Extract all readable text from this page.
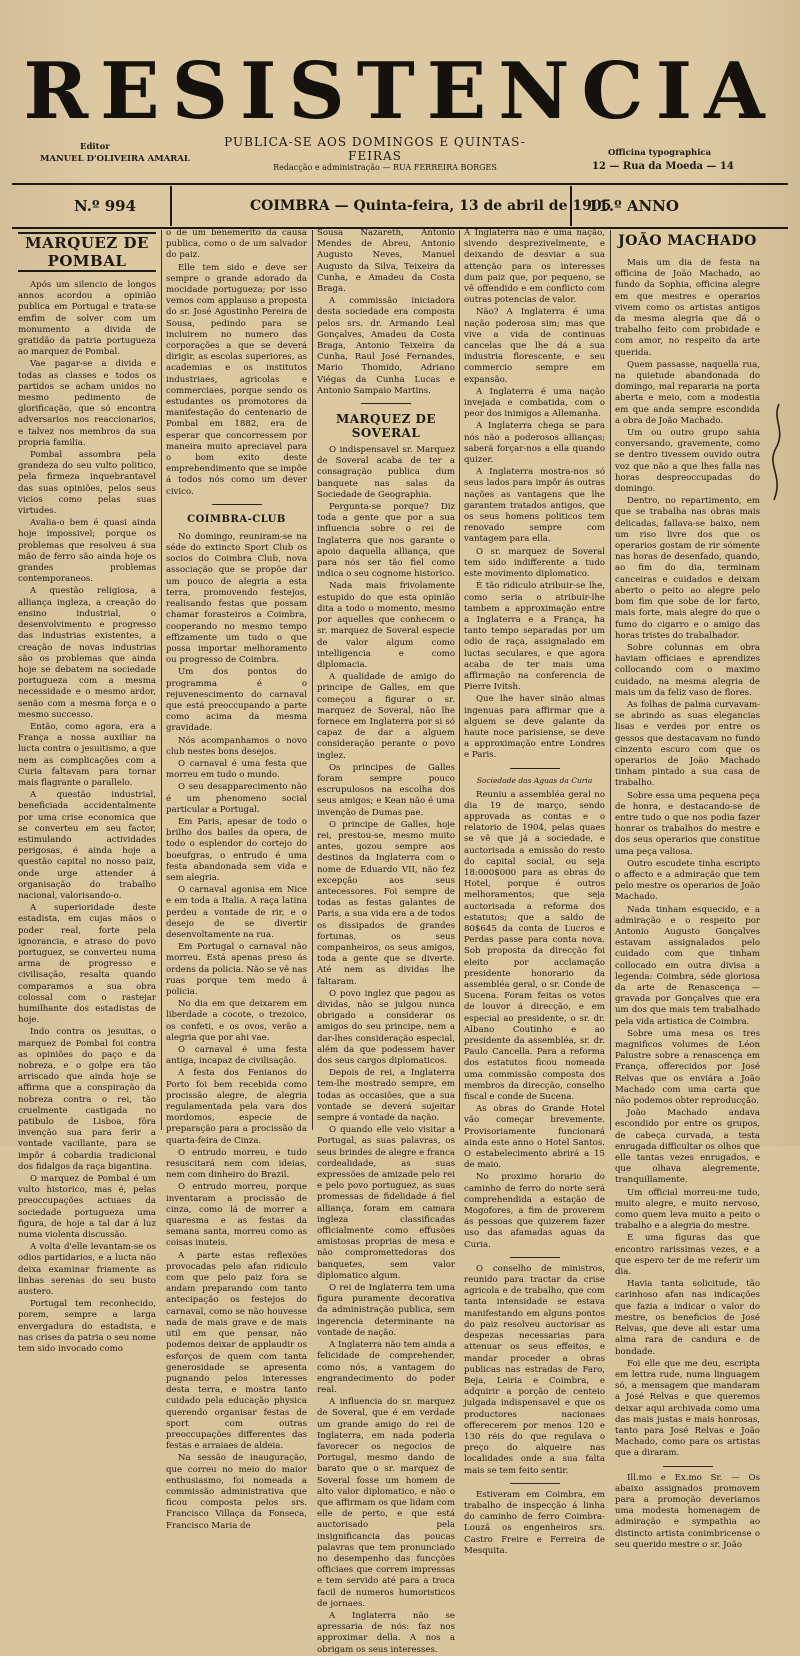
RESISTENCIA
Editor
MANUEL D'OLIVEIRA AMARAL
PUBLICA-SE AOS DOMINGOS E QUINTAS-FEIRAS
Redacção e administração — RUA FERREIRA BORGES
Officina typographica
12 — Rua da Moeda — 14
N.º 994	COIMBRA — Quinta-feira, 13 de abril de 1905
11.º ANNO
MARQUEZ DE POMBAL

Após um silencio de longos annos acordou a opinião publica em Portugal e trata-se emfim de solver com um monumento a divida de gratidão da patria portugueza ao marquez de Pombal.

Vae pagar-se a divida e todas as classes e todos os partidos se acham unidos no mesmo pedimento de glorificação, que só encontra adversarios nos reaccionarios, e talvez nos membros da sua propria familia.

Pombal assombra pela grandeza do seu vulto politico, pela firmeza inquebrantavel das suas opiniões, pelos seus vicios como pelas suas virtudes.

Avalia-o bem é quasi ainda hoje impossivel; porque os problemas que resolveu á sua mão de ferro são ainda hoje os grandes problemas contemporaneos.

A questão religiosa, a alliança ingleza, a creação do ensino industrial, o desenvolvimento e progresso das industrias existentes, a creação de novas industrias são os problemas que ainda hoje se debatem na sociedade portugueza com a mesma necessidade e o mesmo ardor, senão com a mesma força e o mesmo successo.

Então, como agora, era a França a nossa auxiliar na lucta contra o jesuitismo, a que nem as complicações com a Curia faltavam para tornar mais flagrante o parallelo.

A questão industrial, beneficiada accidentalmente por uma crise economica que se converteu em seu factor, estimulando actividades perigosas, é ainda hoje a questão capital no nosso paiz, onde urge attender á organisação do trabalho nacional, valorisando-o.

A superioridade deste estadista, em cujas mãos o poder real, forte pela ignorancia, e atraso do povo portuguez, se converteu numa arma de progresso e civilisação, resalta quando comparamos a sua obra colossal com o rastejar humilhante dos estadistas de hoje.

Indo contra os jesuitas, o marquez de Pombal foi contra as opiniões do paço e da nobreza, e o golpe era tão arriscado que ainda hoje se affirma que a conspiração da nobreza contra o rei, tão cruelmente castigada no patibulo de Lisboa, fôra invenção sua para ferir a vontade vacillante, para se impôr á cobardia tradicional dos fidalgos da raça bigantina.

O marquez de Pombal é um vulto historico, mas é, pelas preoccupações actuaes da sociedade portugueza uma figura, de hoje a tal dar á luz numa violenta discussão.

A volta d'elle levantam-se os odios partidarios, e a lucta não deixa examinar friamente as linhas serenas do seu busto austero.

Portugal tem reconhecido, porem, sempre a larga envergadura do estadista, e nas crises da patria o seu nome tem sido invocado como

o de um benemerito da causa publica, como o de um salvador do paiz.

Elle tem sido e deve ser sempre o grande adorado da mocidade portugueza; por isso vemos com applauso a proposta do sr. José Agostinho Pereira de Sousa, pedindo para se incluirem no numero das corporações a que se deverá dirigir, as escolas superiores, as academias e os institutos industriaes, agricolas e commerciaes, porque sendo os estudantes os promotores da manifestação do centenario de Pombal em 1882, era de esperar que concorressem por maneira muito apreciavel para o bom exito deste emprehendimento que se impõe á todos nós como um dever civico.

COIMBRA-CLUB

No domingo, reuniram-se na séde do extincto Sport Club os socios do Coimbra Club, nova associação que se propõe dar um pouco de alegria a esta terra, promovendo festejos, realisando festas que possam chamar forasteiros a Coimbra, cooperando no mesmo tempo effizamente um tudo o que possa importar melhoramento ou progresso de Coimbra.

Um dos pontos do programma é o rejuvenescimento do carnaval que está preoccupando a parte como acima da mesma gravidade.

Nós acompanhamos o novo club nestes bons desejos.

O carnaval é uma festa que morreu em tudo o mundo.

O seu desapparecimento não é um phenomeno social particular a Portugal.

Em Paris, apesar de todo o brilho dos bailes da opera, de todo o esplendor do cortejo do boeufgras, o entrudo é uma festa abandonada sem vida e sem alegria.

O carnaval agonisa em Nice e em toda a Italia. A raça latina perdeu a vontade de rir, e o desejo de se divertir desenvoltamente na rua.

Em Portugal o carnaval não morreu. Está apenas preso ás ordens da policia. Não se vê nas ruas porque tem medo á policia.

No dia em que deixarem em liberdade a cocote, o trezoico, os confeti, e os ovos, verão a alegria que por ahi vae.

O carnaval é uma festa antiga, incapaz de civilisação.

A festa dos Fenianos do Porto foi bem recebida como procissão alegre, de alegria regulamentada pela vara dos mordomos, especie de preparação para a procissão da quarta-feira de Cinza.

O entrudo morreu, e tudo resuscitará nem com ideias, nem com dinheiro do Brazil.

O entrudo morreu, porque inventaram a procissão de cinza, como lá de morrer a quaresma e as festas da semana santa, morreu como as coisas inuteis.

A parte estas reflexões provocadas pelo afan ridiculo com que pelo paiz fora se andam preparando com tanto antecipação os festejos do carnaval, como se não houvesse nada de mais grave e de mais util em que pensar, não podemos deixar de applaudir os esforços de quem com tanta generosidade se apresenta pugnando pelos interesses desta terra, e mostra tanto cuidado pela educação physica querendo organisar festas de sport com outras preoccupações differentes das festas e arraiaes de aldeia.

Na sessão de inauguração, que correu no meio do maior enthusiasmo, foi nomeada a commissão administrativa que ficou composta pelos srs. Francisco Villaça da Fonseca, Francisco Maria de

Sousa Nazareth, Antonio Mendes de Abreu, Antonio Augusto Neves, Manuel Augusto da Silva, Teixeira da Cunha, e Amadeu da Costa Braga.

A commissão iniciadora desta sociedade era composta pelos srs. dr. Armando Leal Gonçalves, Amadeu da Costa Braga, Antonio Teixeira da Cunha, Raul José Fernandes, Mario Thomido, Adriano Viégas da Cunha Lucas e Antonio Sampaio Martins.

MARQUEZ DE SOVERAL

O indispensavel sr. Marquez de Soveral acaba de ter a consagração publica dum banquete nas salas da Sociedade de Geographia.

Pergunta-se porque? Diz toda a gente que por a sua influencia sobre o rei de Inglaterra que nos garante o apoio daquella alliança, que para nós ser tão fiel como indica o seu cognome historico.

Nada mais frivolamente estupido do que esta opinião dita a todo o momento, mesmo por aquelles que conhecem o sr. marquez de Soveral especie de valor algum como intelligencia e como diplomacia.

A qualidade de amigo do principe de Galles, em que começou a figurar o sr. marquez de Soveral, não lhe fornece em Inglaterra por si só capaz de dar a alguem consideração perante o povo inglez.

Os principes de Galles foram sempre pouco escrupulosos na escolha dos seus amigos; e Kean não é uma invenção de Dumas pae.

O principe de Galles, hoje rei, prestou-se, mesmo muito antes, gozou sempre aos destinos da Inglaterra com o nome de Eduardo VII, não fez excepção aos seus antecessores. Foi sempre de todas as festas galantes de Paris, a sua vida era a de todos os dissipados de grandes fortunas, os seus companheiros, os seus amigos, toda a gente que se diverte. Até nem as dividas lhe faltaram.

O povo inglez que pagou as dividas, não se julgou nunca obrigado a considerar os amigos do seu principe, nem a dar-lhes consideração especial, além da que podessem haver dos seus cargos diplomaticos.

Depois de rei, a Inglaterra tem-lhe mostrado sempre, em todas as occasiões, que a sua vontade se deverá sujeitar sempre á vontade da nação.

O quando elle veio visitar a Portugal, as suas palavras, os seus brindes de alegre e franca cordealidade, as suas expressões de amizade pelo rei e pelo povo portuguez, as suas promessas de fidelidade á fiel alliança, foram em camara ingleza classificadas officialmente como effusões amistosas proprias de mesa e não compromettedoras dos banquetes, sem valor diplomatico algum.

O rei de Inglaterra tem uma figura puramente decorativa da administração publica, sem ingerencia determinante na vontade de nação.

A Inglaterra não tem ainda a felicidade de comprehender, como nós, a vantagem do engrandecimento do poder real.

A influencia do sr. marquez de Soveral, que é em verdade um grande amigo do rei de Inglaterra, em nada poderia favorecer os negocios de Portugal, mesmo dando de barato que o sr. marquez de Soveral fosse um homem de alto valor diplomatico, e não o que affirmam os que lidam com elle de perto, e que está auctorisado pela insignificancia das poucas palavras que tem pronunciado no desempenho das funcções officiaes que correm impressas e tem servido até para a troca facil de numeros humoristicos de jornaes.

A Inglaterra não se apressaria de nós: faz nos approximar della. A nos a obrigam os seus interesses.

A Inglaterra não é uma nação, sivendo desprezivelmente, e deixando de desviar a sua attenção para os interesses dum paiz que, por pequeno, se vê offendido e em conflicto com outras potencias de valor.

Não? A Inglaterra é uma nação poderosa sim; mas que vive a vida de continuas cancelas que lhe dá a sua industria florescente, e seu commercio sempre em expansão.

A Inglaterra é uma nação invejada e combatida, com o peor dos inimigos a Allemanha.

A Inglaterra chega se para nós não a poderosos allianças; saberá forçar-nos a ella quando quizer.

A Inglaterra mostra-nos só seus lados para impôr ás outras nações as vantagens que lhe garantem tratados antigos, que os seus homens politicos tem renovado sempre com vantagem para ella.

O sr. marquez de Soveral tem sido indifferente a tudo este movimento diplomatico.

É tão ridiculo atribuir-se lhe, como seria o atribuir-lhe tambem a approximação entre a Inglaterra e a França, ha tanto tempo separadas por um odio de raça, assignalado em luctas seculares, e que agora acaba de ter mais uma affirmação na conferencia de Pierre Ivitsh.

Que lhe haver sinão almas ingenuas para affirmar que a alguem se deve galante da haute noce parisiense, se deve a approximação entre Londres e Paris.

Sociedade das Aguas da Curia

Reuniu a assembléa geral no dia 19 de março, sendo approvada as contas e o relatorio de 1904, pelas quaes se vê que já a sociedade, e auctorisada a emissão do resto do capital social, ou seja 18:000$000 para as obras do Hotel, porque é outros melhoramentos; que seja auctorisada a reforma dos estatutos; que a saldo de 80$645 da conta de Lucros e Perdas passe para conta nova. Sob proposta da direcção foi eleito por acclamação presidente honorario da assembléa geral, o sr. Conde de Sucena. Foram feitas os votos de louvor á direcção, e em especial ao presidente, o sr. dr. Albano Coutinho e ao presidente da assembléa, sr. dr. Paulo Cancella. Para a reforma dos estatutos ficou nomeada uma commissão composta dos membros da direcção, conselho fiscal e conde de Sucena.

As obras do Grande Hotel vão começar brevemente. Provisoriamente funcionará ainda este anno o Hotel Santos. O estabelecimento abrirá a 15 de maio.

No proximo horario do caminho de ferro do norte será comprehendida a estação de Mogofores, a fim de proverem ás pessoas que quizerem fazer uso das afamadas aguas da Curia.

O conselho de ministros, reunido para tractar da crise agricola e de trabalho, que com tanta intensidade se estava manifestando em alguns pontos do paiz resolveu auctorisar as despezas necessarias para attenuar os seus effeitos, e mandar proceder a obras publicas nas estradas de Faro, Beja, Leiria e Coimbra, e adquirir a porção de centeio julgada indispensavel e que os productores nacionaes offerecerem por menos 120 e 130 réis do que regulava o preço do alqueire nas localidades onde a sua falta mais se tem feito sentir.

Estiveram em Coimbra, em trabalho de inspecção á linha do caminho de ferro Coimbra-Louzã os engenheiros srs. Castro Freire e Ferreira de Mesquita.

JOÃO MACHADO

Mais um dia de festa na officina de João Machado, ao fundo da Sophia, officina alegre em que mestres e operarios vivem como os artistas antigos da mesma alegria que dá o trabalho feito com probidade e com amor, no respeito da arte querida.

Quem passasse, naquella rua, na quietude abandonada do domingo, mal repararia na porta aberta e meio, com a modestia em que anda sempre escondida a obra de João Machado.

Um ou outro grupo sahia conversando, gravemente, como se dentro tivessem ouvido outra voz que não a que lhes falla nas horas despreoccupadas do domingo.

Dentro, no repartimento, em que se trabalha nas obras mais delicadas, fallava-se baixo, nem um riso livre dos que os operarios gostam de rir sómente nas horas de desenfado, quando, ao fim do dia, terminam canceiras e cuidados e deixam aberto o peito ao alegre pelo bom fim que sobe de lor farto, mais forte, mais alegre do que o fumo do cigarro e o amigo das horas tristes do trabalhador.

Sobre colunnas em obra haviam officiaes e aprendizes collocando com o maximo cuidado, na mesma alegria de mais um da feliz vaso de flores.

As folhas de palma curvavam-se abrindo as suas elegancias lisas e verdes por entre os gessos que destacavam no fundo cinzento escuro com que os operarios de João Machado tinham pintado a sua casa de trabalho.

Sobre essa uma pequena peça de honra, e destacando-se de entre tudo o que nos podia fazer honrar os trabalhos do mestre e dos seus operarios que constitue uma peça valiosa.

Outro escudete tinha escripto o affecto e a admiração que tem pelo mestre os operarios de João Machado.

Nada tinham esquecido, e a admiração e o respeito por Antonio Augusto Gonçalves estavam assignalados pelo cuidado com que tinham collocado em outra divisa a legenda: Coimbra, séde gloriosa da arte de Renascença — gravada por Gonçalves que era um dos que mais tem trabalhado pela vida artistica de Coimbra.

Sobre uma mesa os tres magnificos volumes de Léon Palustre sobre a renascença em França, offerecidos por José Relvas que os enviára a João Machado com uma carta que não podemos obter reproducção.

João Machado andava escondido por entre os grupos, de cabeça curvada, a testa enrugada difficultar os olhos que elle tantas vezes enrugados, e que olhava alegremente, tranquillamente.

Um official morreu-me tudo, muito alegre, e muito nervoso, como quem leva muito a peito o trabalho e a alegria do mestre.

E uma figuras das que encontro rarissimas vezes, e a que espero ter de me referir um dia.

Havia tanta solicitude, tão carinhoso afan nas indicações que fazia a indicar o valor do mestre, os beneficios de José Relvas, que deve ali estar uma alma rara de candura e de bondade.

Foi elle que me deu, escripta em lettra rude, numa linguagem só, a mensagem que mandaram a José Relvas e que queremos deixar aqui archivada como uma das mais justas e mais honrosas, tanto para José Relvas e João Machado, como para os artistas que a diraram.

Ill.mo e Ex.mo Sr. — Os abaixo assignados promovem para a promoção deveriamos uma modesta homenagem de admiração e sympathia ao distincto artista conimbricense o seu querido mestre o sr. João
